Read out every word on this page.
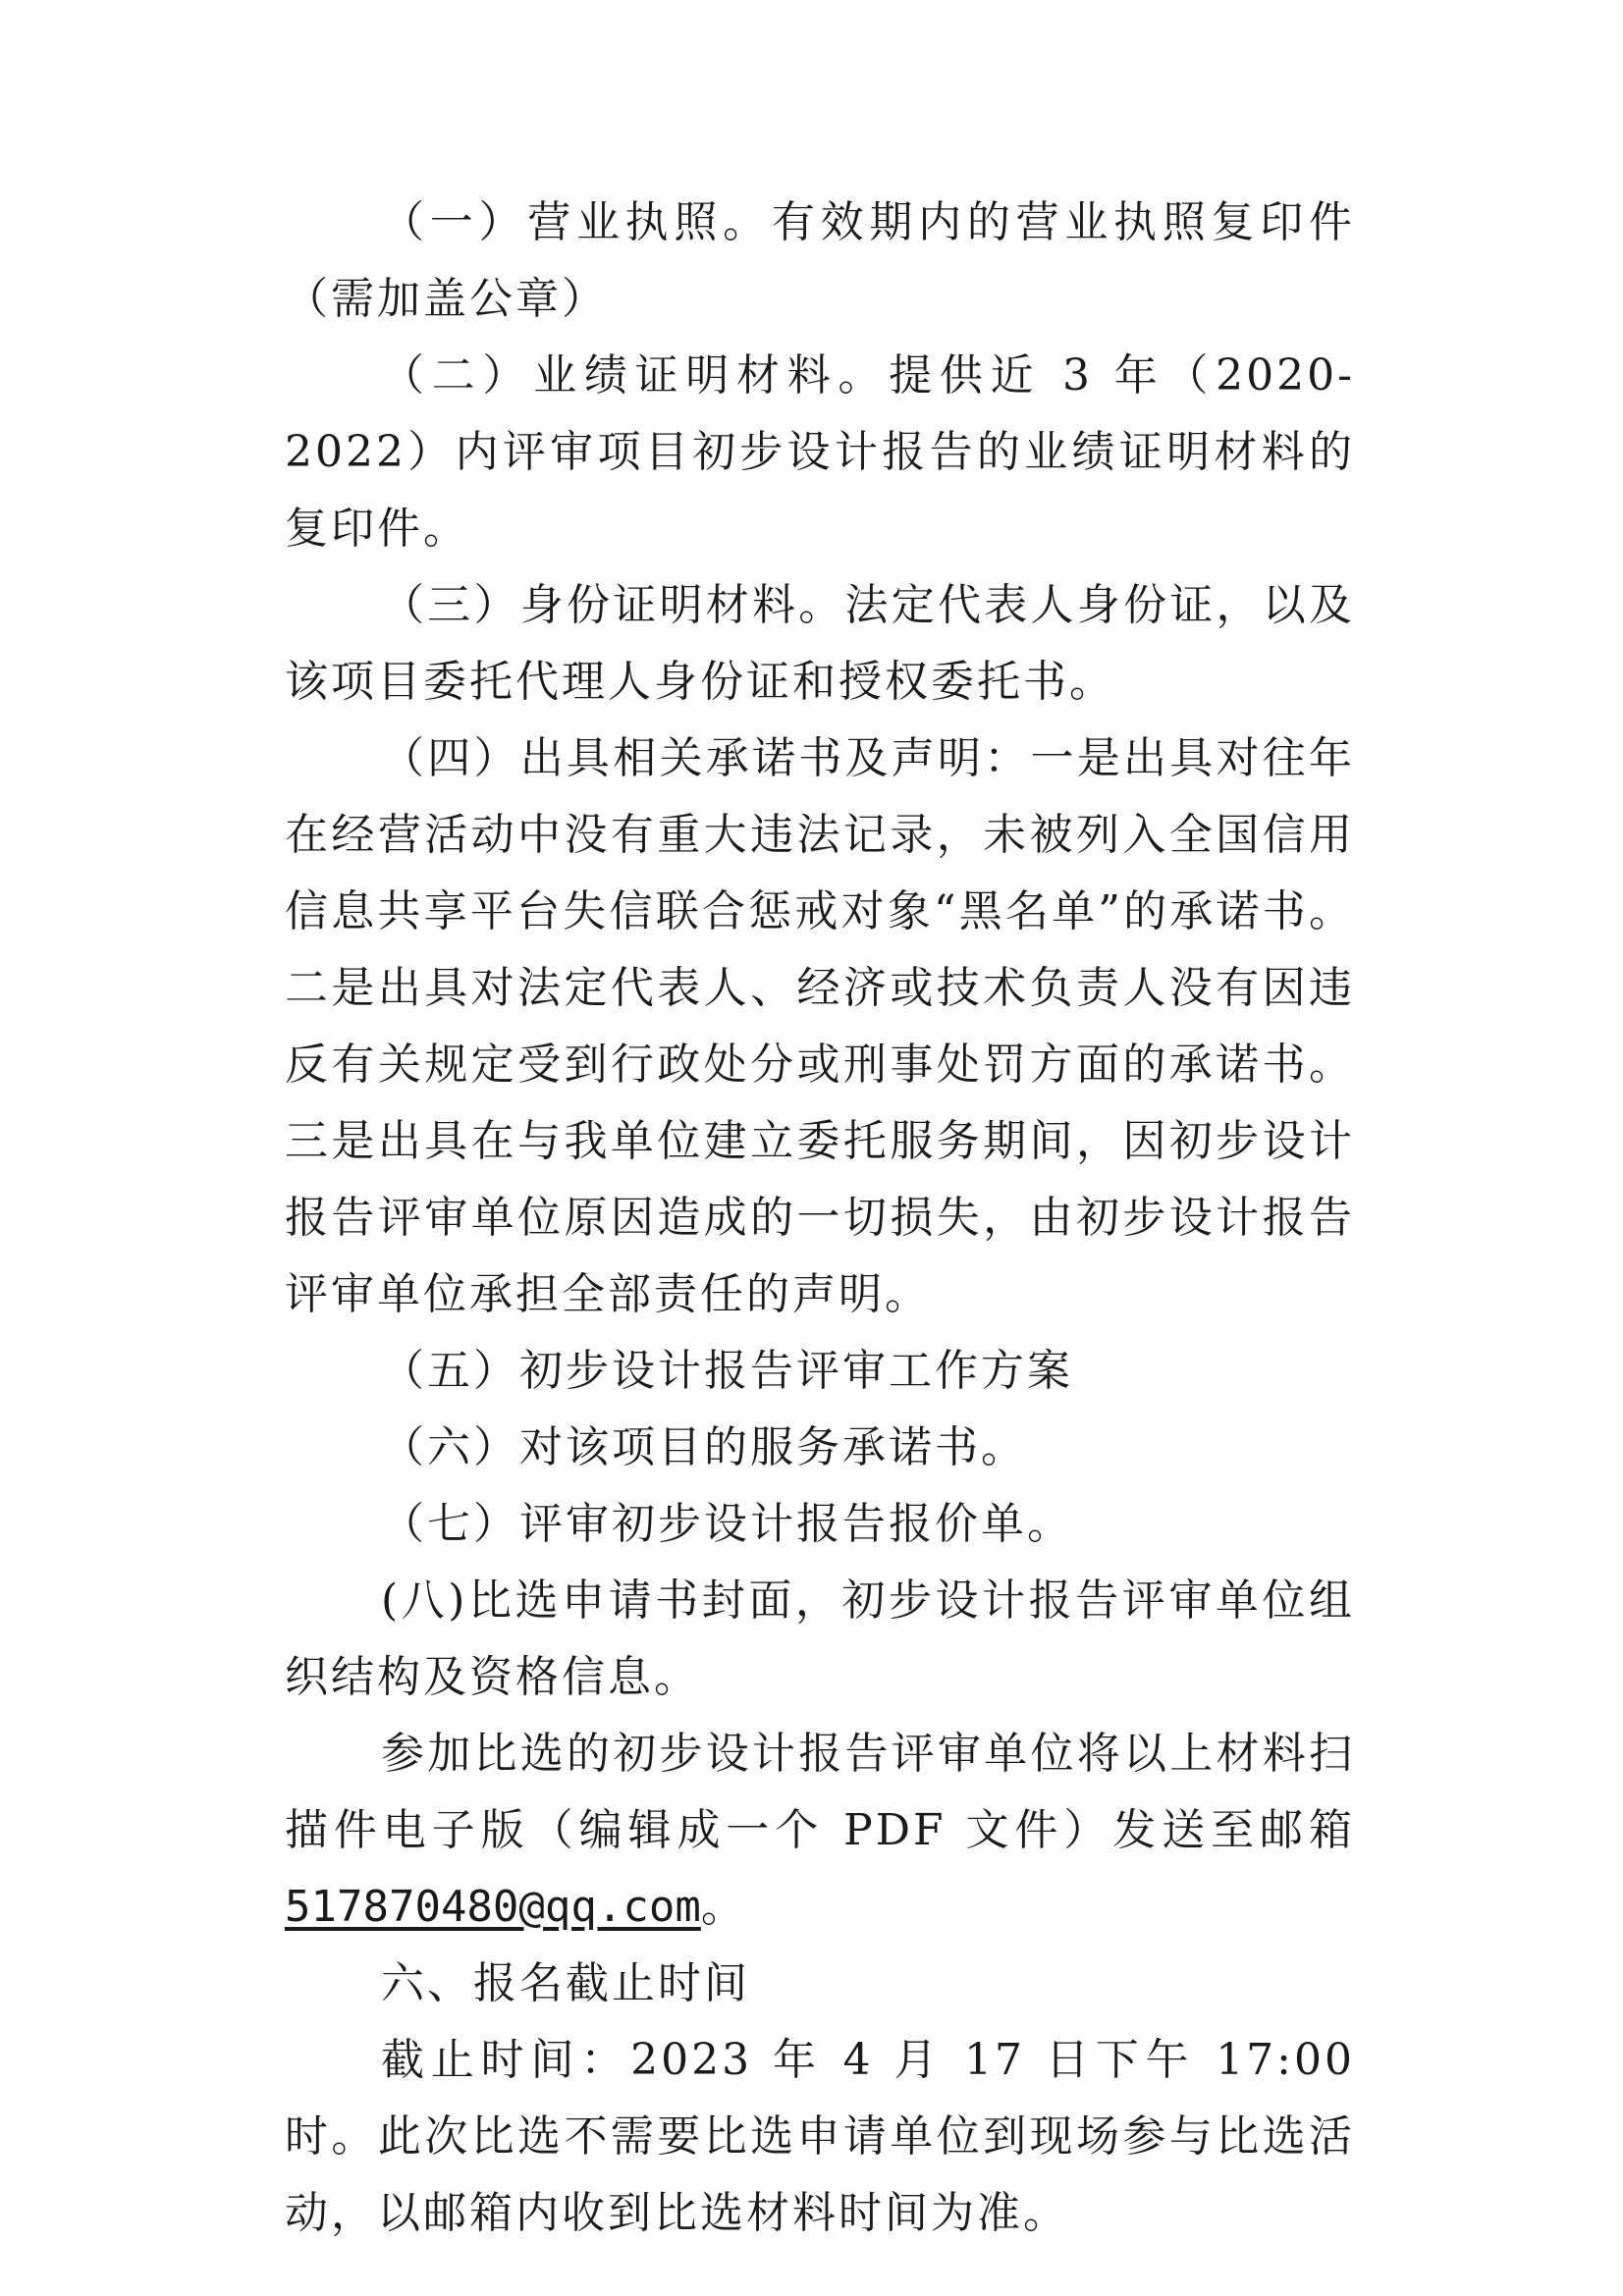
（一）营业执照。有效期内的营业执照复印件（需加盖公章）

（二）业绩证明材料。提供近 3 年（2020-2022）内评审项目初步设计报告的业绩证明材料的复印件。

（三）身份证明材料。法定代表人身份证，以及该项目委托代理人身份证和授权委托书。

（四）出具相关承诺书及声明：一是出具对往年在经营活动中没有重大违法记录，未被列入全国信用信息共享平台失信联合惩戒对象“黑名单”的承诺书。二是出具对法定代表人、经济或技术负责人没有因违反有关规定受到行政处分或刑事处罚方面的承诺书。三是出具在与我单位建立委托服务期间，因初步设计报告评审单位原因造成的一切损失，由初步设计报告评审单位承担全部责任的声明。

（五）初步设计报告评审工作方案

（六）对该项目的服务承诺书。

（七）评审初步设计报告报价单。

(八)比选申请书封面，初步设计报告评审单位组织结构及资格信息。

参加比选的初步设计报告评审单位将以上材料扫描件电子版（编辑成一个 PDF 文件）发送至邮箱517870480@qq.com。

六、报名截止时间

截止时间：2023 年 4 月 17 日下午 17:00 时。此次比选不需要比选申请单位到现场参与比选活动，以邮箱内收到比选材料时间为准。
